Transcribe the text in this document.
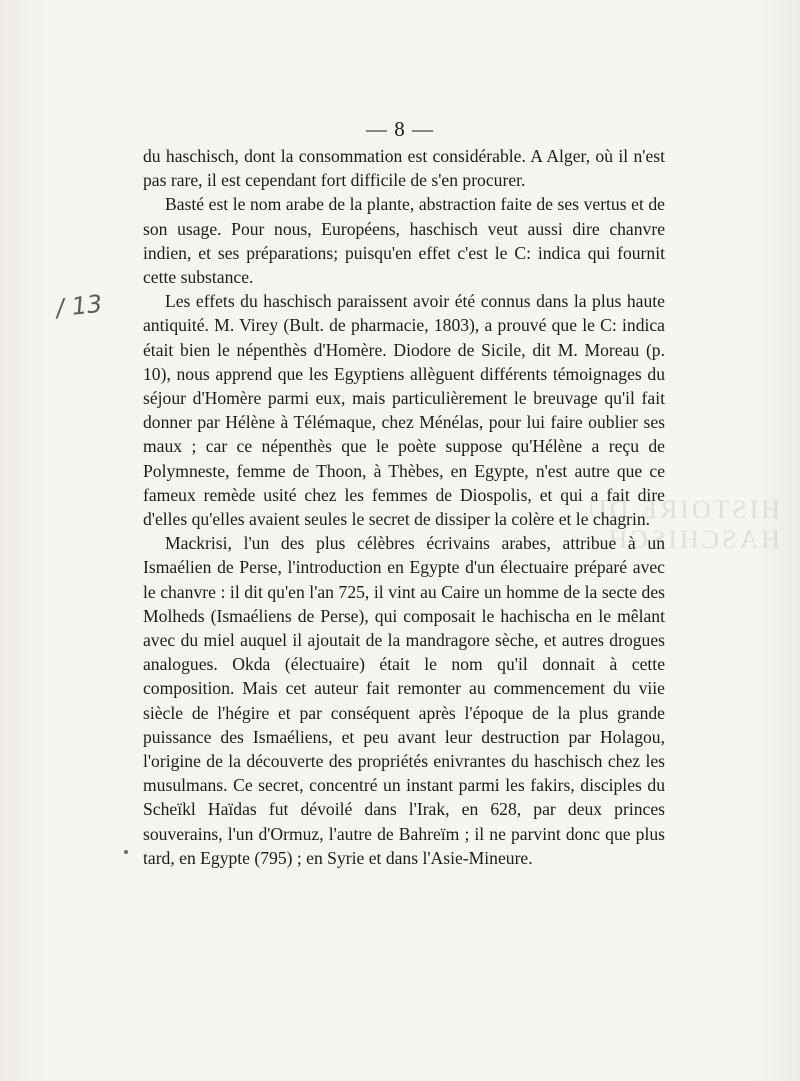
HISTOIRE DU HASCHISCH
— 8 —
/ 13

du haschisch, dont la consommation est considérable. A Alger, où il n'est pas rare, il est cependant fort difficile de s'en procurer.

Basté est le nom arabe de la plante, abstraction faite de ses vertus et de son usage. Pour nous, Européens, haschisch veut aussi dire chanvre indien, et ses préparations; puisqu'en effet c'est le C: indica qui fournit cette substance.

Les effets du haschisch paraissent avoir été connus dans la plus haute antiquité. M. Virey (Bult. de pharmacie, 1803), a prouvé que le C: indica était bien le népenthès d'Homère. Diodore de Sicile, dit M. Moreau (p. 10), nous apprend que les Egyptiens allèguent différents témoignages du séjour d'Homère parmi eux, mais particulièrement le breuvage qu'il fait donner par Hélène à Télémaque, chez Ménélas, pour lui faire oublier ses maux ; car ce népenthès que le poète suppose qu'Hélène a reçu de Polymneste, femme de Thoon, à Thèbes, en Egypte, n'est autre que ce fameux remède usité chez les femmes de Diospolis, et qui a fait dire d'elles qu'elles avaient seules le secret de dissiper la colère et le chagrin.

Mackrisi, l'un des plus célèbres écrivains arabes, attribue à un Ismaélien de Perse, l'introduction en Egypte d'un électuaire préparé avec le chanvre : il dit qu'en l'an 725, il vint au Caire un homme de la secte des Molheds (Ismaéliens de Perse), qui composait le hachischa en le mêlant avec du miel auquel il ajoutait de la mandragore sèche, et autres drogues analogues. Okda (électuaire) était le nom qu'il donnait à cette composition. Mais cet auteur fait remonter au commencement du viie siècle de l'hégire et par conséquent après l'époque de la plus grande puissance des Ismaéliens, et peu avant leur destruction par Holagou, l'origine de la découverte des propriétés enivrantes du haschisch chez les musulmans. Ce secret, concentré un instant parmi les fakirs, disciples du Scheïkl Haïdas fut dévoilé dans l'Irak, en 628, par deux princes souverains, l'un d'Ormuz, l'autre de Bahreïm ; il ne parvint donc que plus tard, en Egypte (795) ; en Syrie et dans l'Asie-Mineure.
